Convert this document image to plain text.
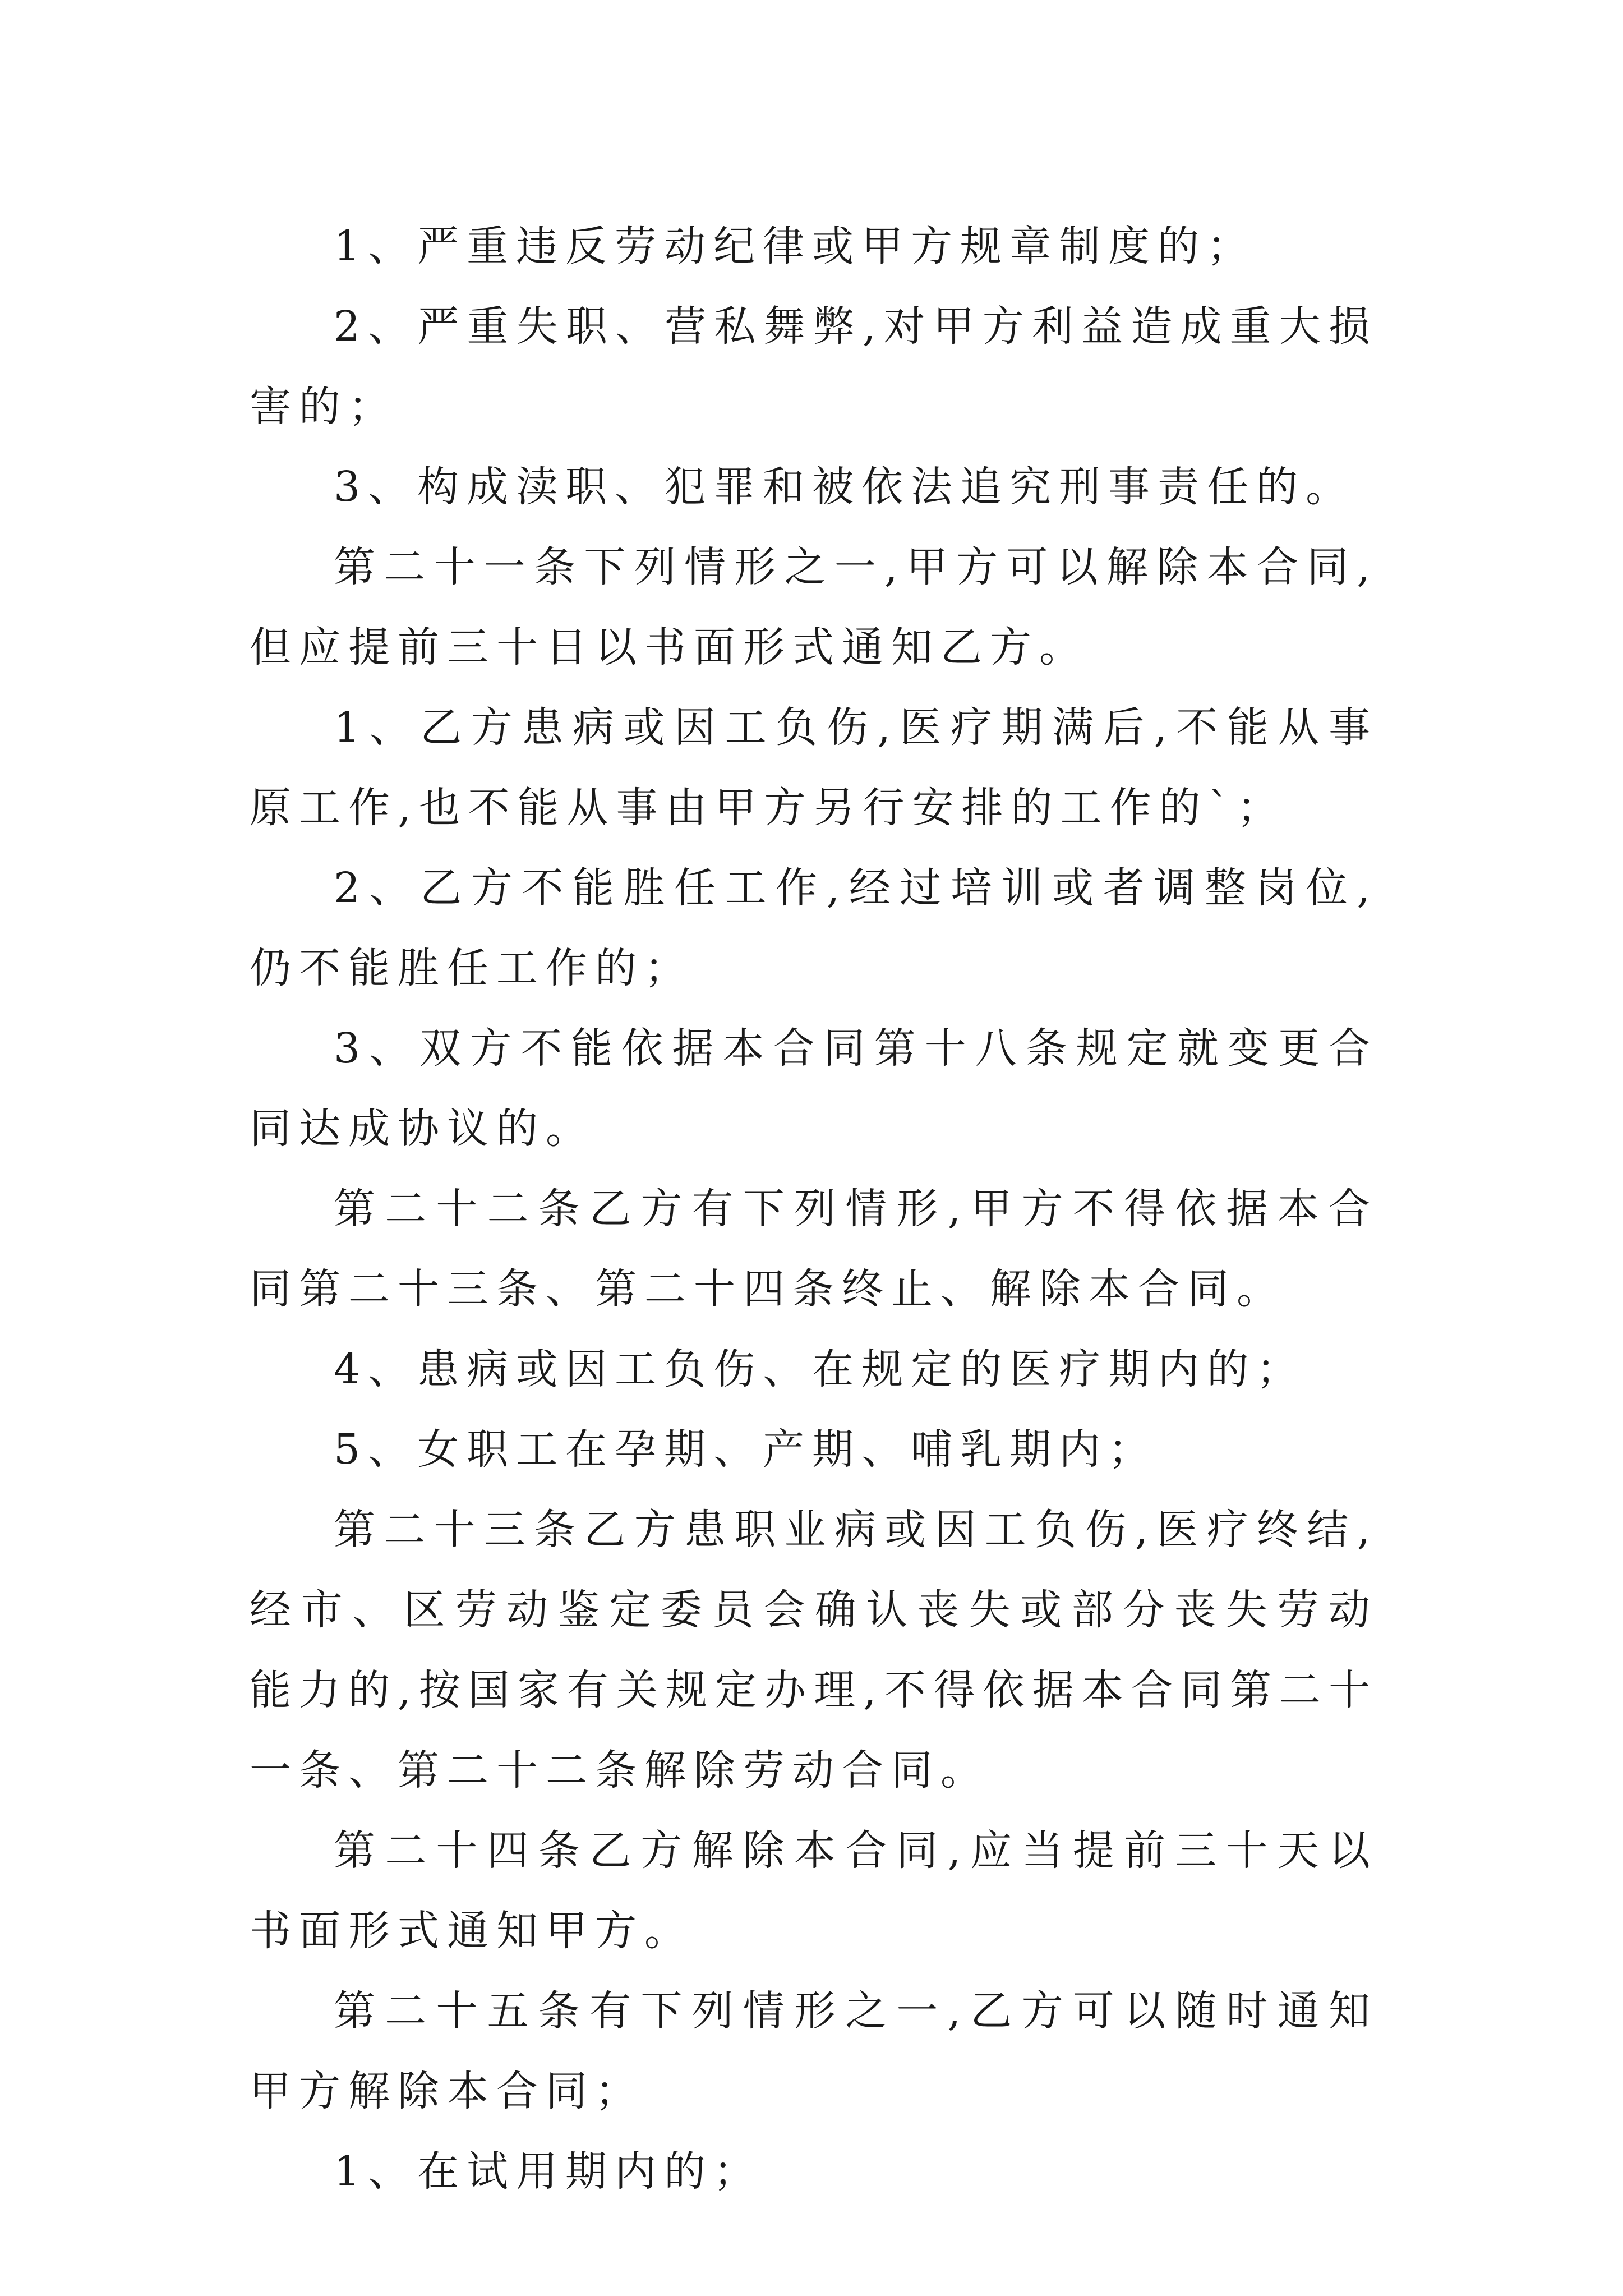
1、严重违反劳动纪律或甲方规章制度的；

2、严重失职、营私舞弊,对甲方利益造成重大损害的；

3、构成渎职、犯罪和被依法追究刑事责任的。

第二十一条下列情形之一,甲方可以解除本合同,但应提前三十日以书面形式通知乙方。

1、乙方患病或因工负伤,医疗期满后,不能从事原工作,也不能从事由甲方另行安排的工作的`；

2、乙方不能胜任工作,经过培训或者调整岗位,仍不能胜任工作的；

3、双方不能依据本合同第十八条规定就变更合同达成协议的。

第二十二条乙方有下列情形,甲方不得依据本合同第二十三条、第二十四条终止、解除本合同。

4、患病或因工负伤、在规定的医疗期内的；

5、女职工在孕期、产期、哺乳期内；

第二十三条乙方患职业病或因工负伤,医疗终结,经市、区劳动鉴定委员会确认丧失或部分丧失劳动能力的,按国家有关规定办理,不得依据本合同第二十一条、第二十二条解除劳动合同。

第二十四条乙方解除本合同,应当提前三十天以书面形式通知甲方。

第二十五条有下列情形之一,乙方可以随时通知甲方解除本合同；

1、在试用期内的；
